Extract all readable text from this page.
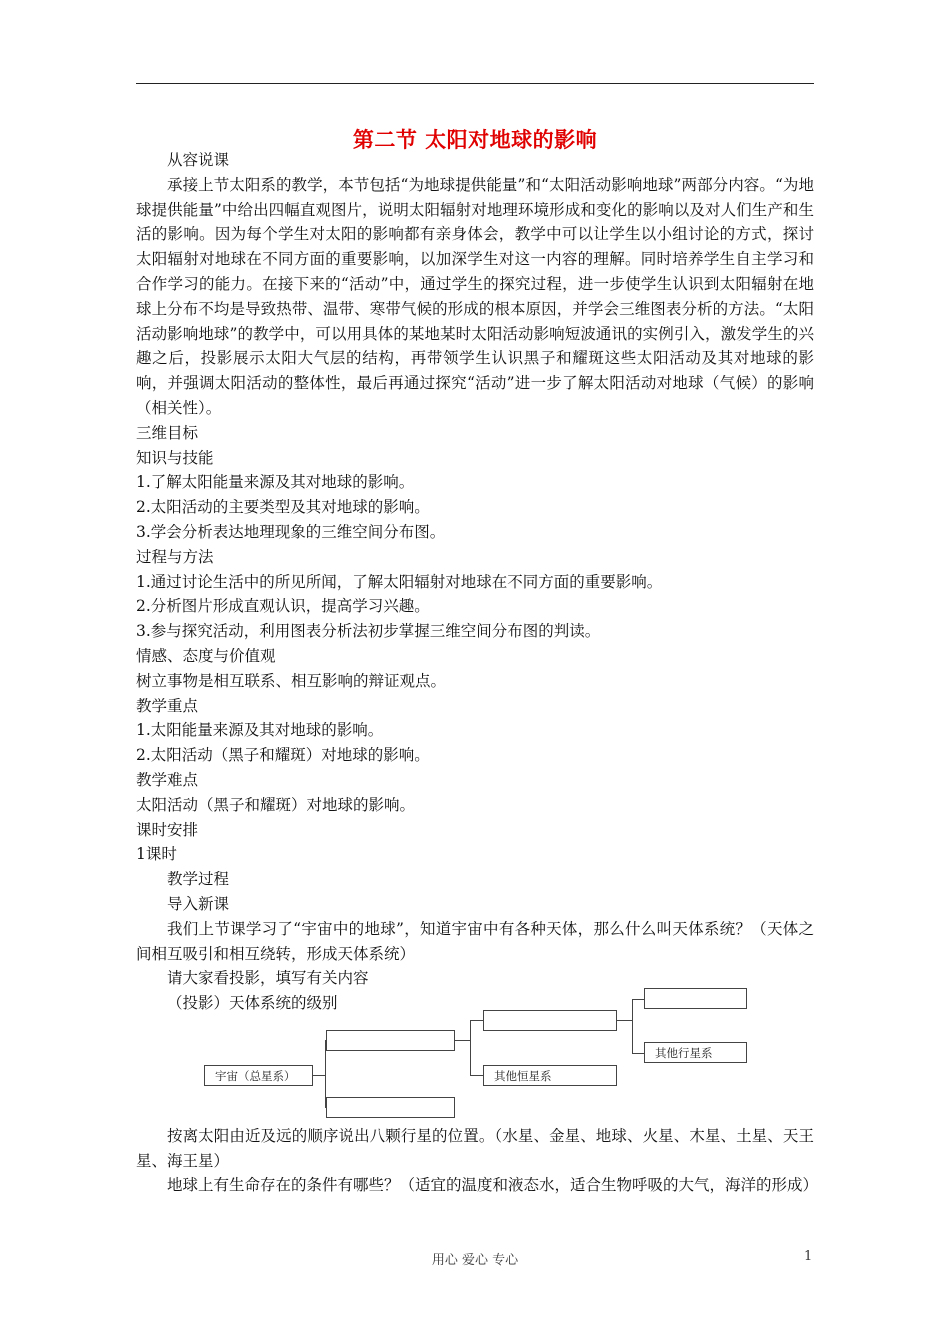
第二节 太阳对地球的影响

从容说课

承接上节太阳系的教学，本节包括“为地球提供能量”和“太阳活动影响地球”两部分内容。“为地球提供能量”中给出四幅直观图片，说明太阳辐射对地理环境形成和变化的影响以及对人们生产和生活的影响。因为每个学生对太阳的影响都有亲身体会，教学中可以让学生以小组讨论的方式，探讨太阳辐射对地球在不同方面的重要影响，以加深学生对这一内容的理解。同时培养学生自主学习和合作学习的能力。在接下来的“活动”中，通过学生的探究过程，进一步使学生认识到太阳辐射在地球上分布不均是导致热带、温带、寒带气候的形成的根本原因，并学会三维图表分析的方法。“太阳活动影响地球”的教学中，可以用具体的某地某时太阳活动影响短波通讯的实例引入，激发学生的兴趣之后，投影展示太阳大气层的结构，再带领学生认识黑子和耀斑这些太阳活动及其对地球的影响，并强调太阳活动的整体性，最后再通过探究“活动”进一步了解太阳活动对地球（气候）的影响（相关性）。

三维目标

知识与技能

1.了解太阳能量来源及其对地球的影响。

2.太阳活动的主要类型及其对地球的影响。

3.学会分析表达地理现象的三维空间分布图。

过程与方法

1.通过讨论生活中的所见所闻，了解太阳辐射对地球在不同方面的重要影响。

2.分析图片形成直观认识，提高学习兴趣。

3.参与探究活动，利用图表分析法初步掌握三维空间分布图的判读。

情感、态度与价值观

树立事物是相互联系、相互影响的辩证观点。

教学重点

1.太阳能量来源及其对地球的影响。

2.太阳活动（黑子和耀斑）对地球的影响。

教学难点

太阳活动（黑子和耀斑）对地球的影响。

课时安排

1课时

教学过程

导入新课

我们上节课学习了“宇宙中的地球”，知道宇宙中有各种天体，那么什么叫天体系统？（天体之间相互吸引和相互绕转，形成天体系统）

请大家看投影，填写有关内容

（投影）天体系统的级别

宇宙（总星系）	其他恒星系
其他行星系

按离太阳由近及远的顺序说出八颗行星的位置。（水星、金星、地球、火星、木星、土星、天王星、海王星）

地球上有生命存在的条件有哪些？（适宜的温度和液态水，适合生物呼吸的大气，海洋的形成）

用心 爱心 专心	1
